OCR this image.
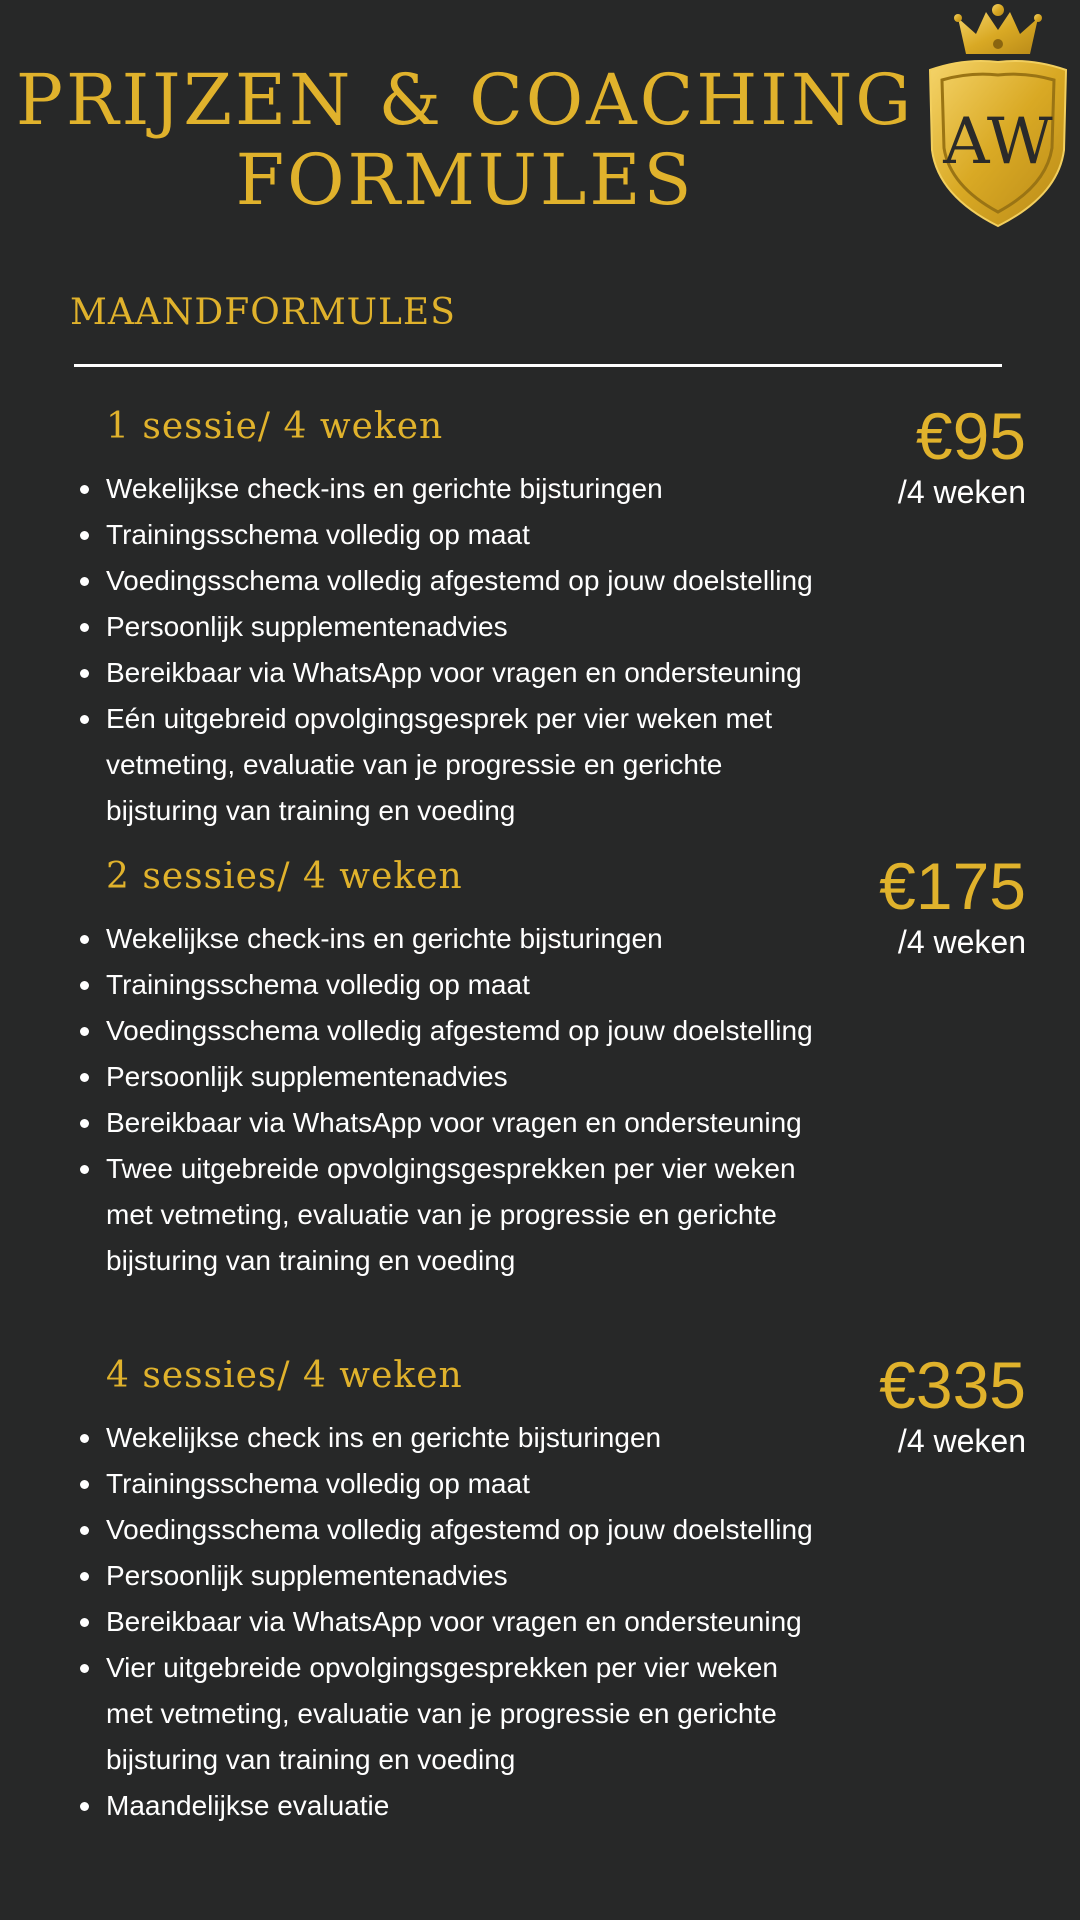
PRIJZEN & COACHING
FORMULES	AW
MAANDFORMULES
1 sessie/ 4 weken	€95
/4 weken
Wekelijkse check-ins en gerichte bijsturingen
Trainingsschema volledig op maat
Voedingsschema volledig afgestemd op jouw doelstelling
Persoonlijk supplementenadvies
Bereikbaar via WhatsApp voor vragen en ondersteuning
Eén uitgebreid opvolgingsgesprek per vier weken met vetmeting, evaluatie van je progressie en gerichte bijsturing van training en voeding
2 sessies/ 4 weken	€175
/4 weken
Wekelijkse check-ins en gerichte bijsturingen
Trainingsschema volledig op maat
Voedingsschema volledig afgestemd op jouw doelstelling
Persoonlijk supplementenadvies
Bereikbaar via WhatsApp voor vragen en ondersteuning
Twee uitgebreide opvolgingsgesprekken per vier weken met vetmeting, evaluatie van je progressie en gerichte bijsturing van training en voeding
4 sessies/ 4 weken	€335
/4 weken
Wekelijkse check ins en gerichte bijsturingen
Trainingsschema volledig op maat
Voedingsschema volledig afgestemd op jouw doelstelling
Persoonlijk supplementenadvies
Bereikbaar via WhatsApp voor vragen en ondersteuning
Vier uitgebreide opvolgingsgesprekken per vier weken met vetmeting, evaluatie van je progressie en gerichte bijsturing van training en voeding
Maandelijkse evaluatie
